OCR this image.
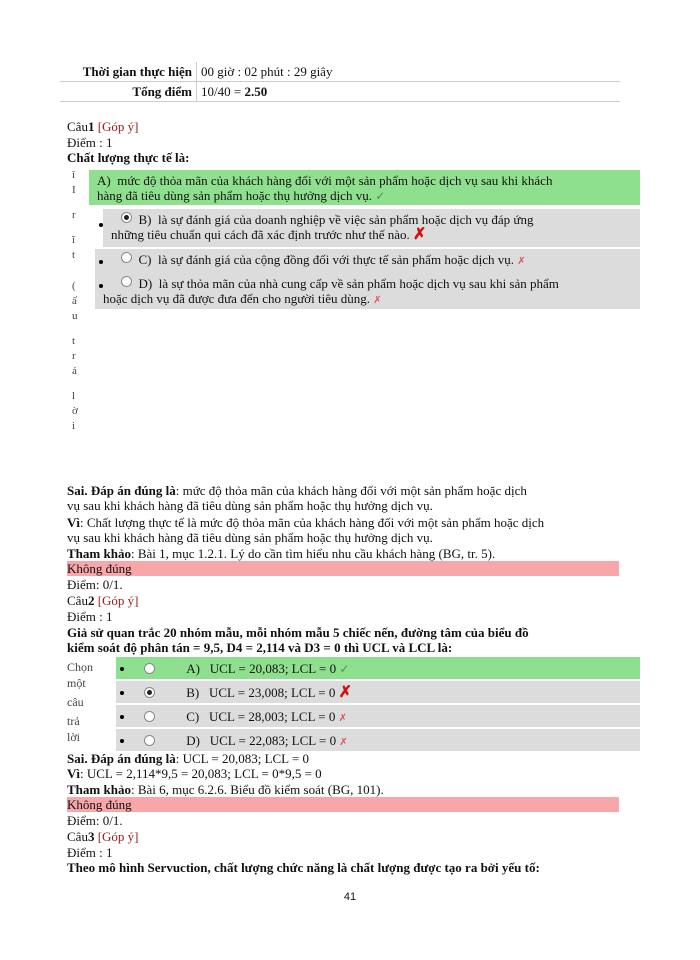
Thời gian thực hiện	00 giờ : 02 phút : 29 giây
Tổng điểm	10/40 = 2.50
Câu1 [Góp ý]
Điểm : 1
Chất lượng thực tế là:
ǐ
I
r
ĩ
t
(
ấ
u
t
r
ả
l
ờ
i
A) mức độ thỏa mãn của khách hàng đối với một sản phẩm hoặc dịch vụ sau khi khách
hàng đã tiêu dùng sản phẩm hoặc thụ hưởng dịch vụ. ✓
B) là sự đánh giá của doanh nghiệp về việc sản phẩm hoặc dịch vụ đáp ứng
những tiêu chuẩn qui cách đã xác định trước như thế nào. ✗
C) là sự đánh giá của cộng đồng đối với thực tế sản phẩm hoặc dịch vụ. ✗
D) là sự thỏa mãn của nhà cung cấp về sản phẩm hoặc dịch vụ sau khi sản phẩm
hoặc dịch vụ đã được đưa đến cho người tiêu dùng. ✗
Sai. Đáp án đúng là: mức độ thỏa mãn của khách hàng đối với một sản phẩm hoặc dịch
vụ sau khi khách hàng đã tiêu dùng sản phẩm hoặc thụ hưởng dịch vụ.
Vì: Chất lượng thực tế là mức độ thỏa mãn của khách hàng đối với một sản phẩm hoặc dịch
vụ sau khi khách hàng đã tiêu dùng sản phẩm hoặc thụ hưởng dịch vụ.
Tham khảo: Bài 1, mục 1.2.1. Lý do cần tìm hiểu nhu cầu khách hàng (BG, tr. 5).
Không đúng
Điểm: 0/1.
Câu2 [Góp ý]
Điểm : 1
Giả sử quan trắc 20 nhóm mẫu, mỗi nhóm mẫu 5 chiếc nến, đường tâm của biểu đồ
kiểm soát độ phân tán = 9,5, D4 = 2,114 và D3 = 0 thì UCL và LCL là:
Chọn
một
câu
trả
lời
A) UCL = 20,083; LCL = 0 ✓
B) UCL = 23,008; LCL = 0 ✗
C) UCL = 28,003; LCL = 0 ✗
D) UCL = 22,083; LCL = 0 ✗
Sai. Đáp án đúng là: UCL = 20,083; LCL = 0
Vì: UCL = 2,114*9,5 = 20,083; LCL = 0*9,5 = 0
Tham khảo: Bài 6, mục 6.2.6. Biểu đồ kiểm soát (BG, 101).
Không đúng
Điểm: 0/1.
Câu3 [Góp ý]
Điểm : 1
Theo mô hình Servuction, chất lượng chức năng là chất lượng được tạo ra bởi yếu tố:
41
